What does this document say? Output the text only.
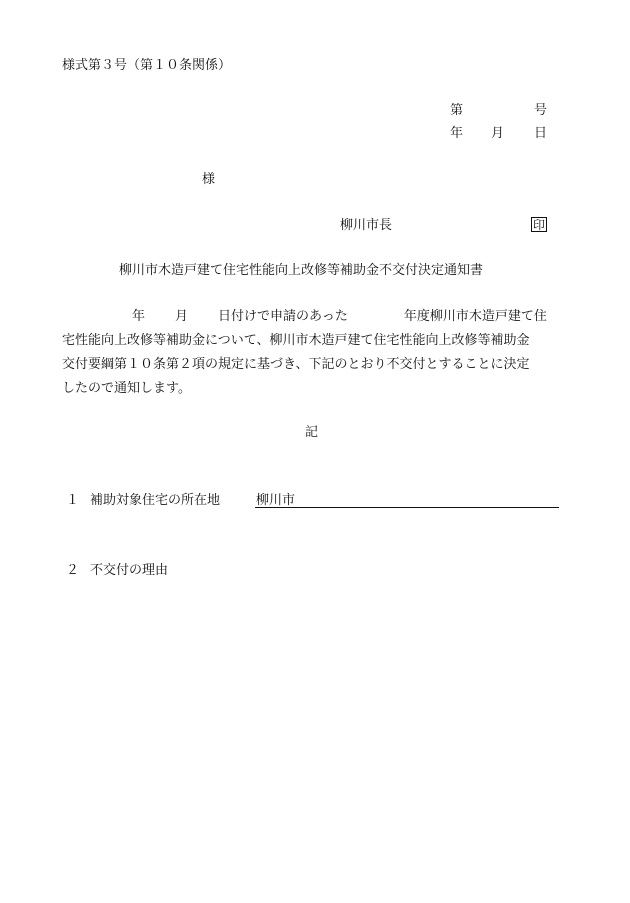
様式第３号（第１０条関係）
第	号
年 月 日
様
柳川市長	印
柳川市木造戸建て住宅性能向上改修等補助金不交付決定通知書
年 月 日付けで申請のあった	年度柳川市木造戸建て住
宅性能向上改修等補助金について、柳川市木造戸建て住宅性能向上改修等補助金
交付要綱第１０条第２項の規定に基づき、下記のとおり不交付とすることに決定
したので通知します。
記
１ 補助対象住宅の所在地	柳川市
２ 不交付の理由
